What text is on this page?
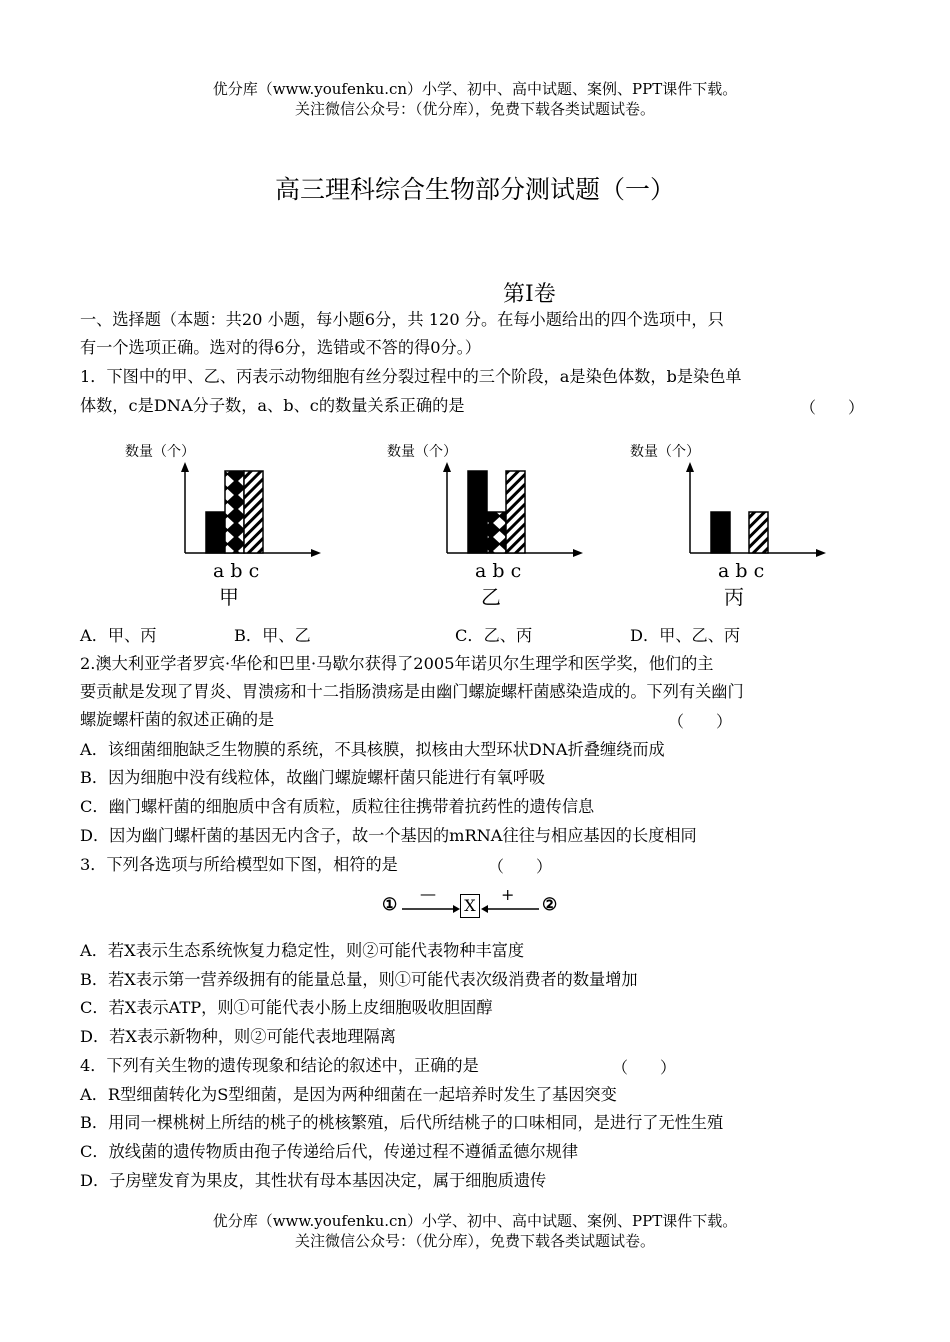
优分库（www.youfenku.cn）小学、初中、高中试题、案例、PPT课件下载。
关注微信公众号：（优分库），免费下载各类试题试卷。
高三理科综合生物部分测试题（一）
第Ⅰ卷
一、选择题（本题：共20 小题，每小题6分，共 120 分。在每小题给出的四个选项中，只
有一个选项正确。选对的得6分，选错或不答的得0分。）
1．下图中的甲、乙、丙表示动物细胞有丝分裂过程中的三个阶段，a是染色体数，b是染色单
体数，c是DNA分子数，a、b、c的数量关系正确的是	（　　）
数量（个）
a b c
甲
数量（个）
a b c
乙
数量（个）
a b c
丙
A．甲、丙	B．甲、乙	C．乙、丙	D．甲、乙、丙
2.澳大利亚学者罗宾·华伦和巴里·马歇尔获得了2005年诺贝尔生理学和医学奖，他们的主
要贡献是发现了胃炎、胃溃疡和十二指肠溃疡是由幽门螺旋螺杆菌感染造成的。下列有关幽门
螺旋螺杆菌的叙述正确的是	（　　）
A．该细菌细胞缺乏生物膜的系统，不具核膜，拟核由大型环状DNA折叠缠绕而成
B．因为细胞中没有线粒体，故幽门螺旋螺杆菌只能进行有氧呼吸
C．幽门螺杆菌的细胞质中含有质粒，质粒往往携带着抗药性的遗传信息
D．因为幽门螺杆菌的基因无内含子，故一个基因的mRNA往往与相应基因的长度相同
3．下列各选项与所给模型如下图，相符的是	（　　）
①
—
X
+
②
A．若X表示生态系统恢复力稳定性，则②可能代表物种丰富度
B．若X表示第一营养级拥有的能量总量，则①可能代表次级消费者的数量增加
C．若X表示ATP，则①可能代表小肠上皮细胞吸收胆固醇
D．若X表示新物种，则②可能代表地理隔离
4．下列有关生物的遗传现象和结论的叙述中，正确的是	（　　）
A．R型细菌转化为S型细菌，是因为两种细菌在一起培养时发生了基因突变
B．用同一棵桃树上所结的桃子的桃核繁殖，后代所结桃子的口味相同，是进行了无性生殖
C．放线菌的遗传物质由孢子传递给后代，传递过程不遵循孟德尔规律
D．子房壁发育为果皮，其性状有母本基因决定，属于细胞质遗传
优分库（www.youfenku.cn）小学、初中、高中试题、案例、PPT课件下载。
关注微信公众号：（优分库），免费下载各类试题试卷。
